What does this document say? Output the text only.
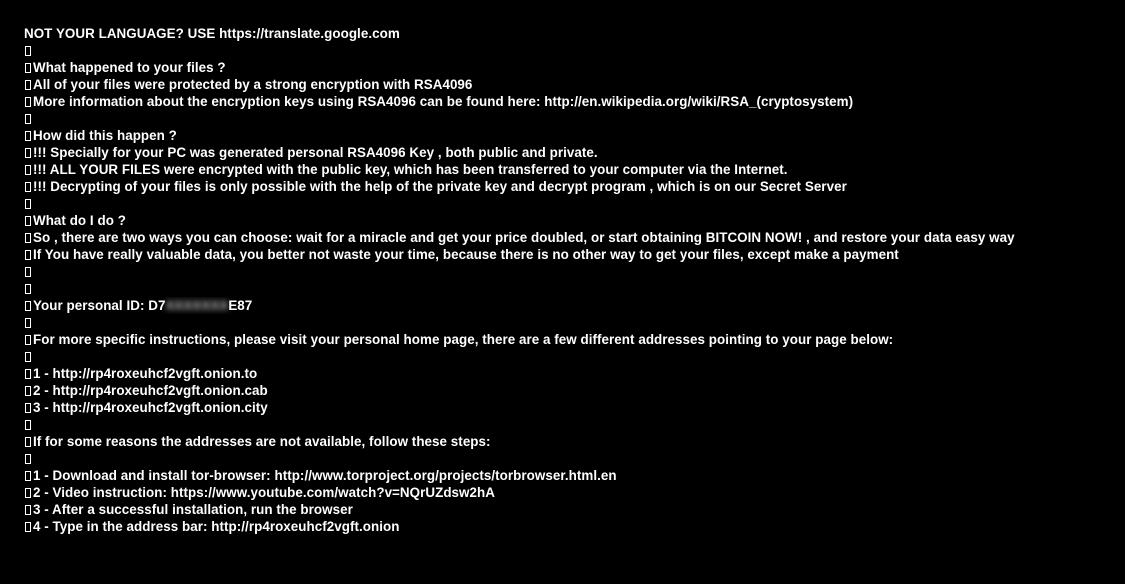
NOT YOUR LANGUAGE? USE https://translate.google.com
What happened to your files ?
All of your files were protected by a strong encryption with RSA4096
More information about the encryption keys using RSA4096 can be found here: http://en.wikipedia.org/wiki/RSA_(cryptosystem)
How did this happen ?
!!! Specially for your PC was generated personal RSA4096 Key , both public and private.
!!! ALL YOUR FILES were encrypted with the public key, which has been transferred to your computer via the Internet.
!!! Decrypting of your files is only possible with the help of the private key and decrypt program , which is on our Secret Server
What do I do ?
So , there are two ways you can choose: wait for a miracle and get your price doubled, or start obtaining BITCOIN NOW! , and restore your data easy way
If You have really valuable data, you better not waste your time, because there is no other way to get your files, except make a payment
Your personal ID: D7XXXXXXXE87
For more specific instructions, please visit your personal home page, there are a few different addresses pointing to your page below:
1 - http://rp4roxeuhcf2vgft.onion.to
2 - http://rp4roxeuhcf2vgft.onion.cab
3 - http://rp4roxeuhcf2vgft.onion.city
If for some reasons the addresses are not available, follow these steps:
1 - Download and install tor-browser: http://www.torproject.org/projects/torbrowser.html.en
2 - Video instruction: https://www.youtube.com/watch?v=NQrUZdsw2hA
3 - After a successful installation, run the browser
4 - Type in the address bar: http://rp4roxeuhcf2vgft.onion
